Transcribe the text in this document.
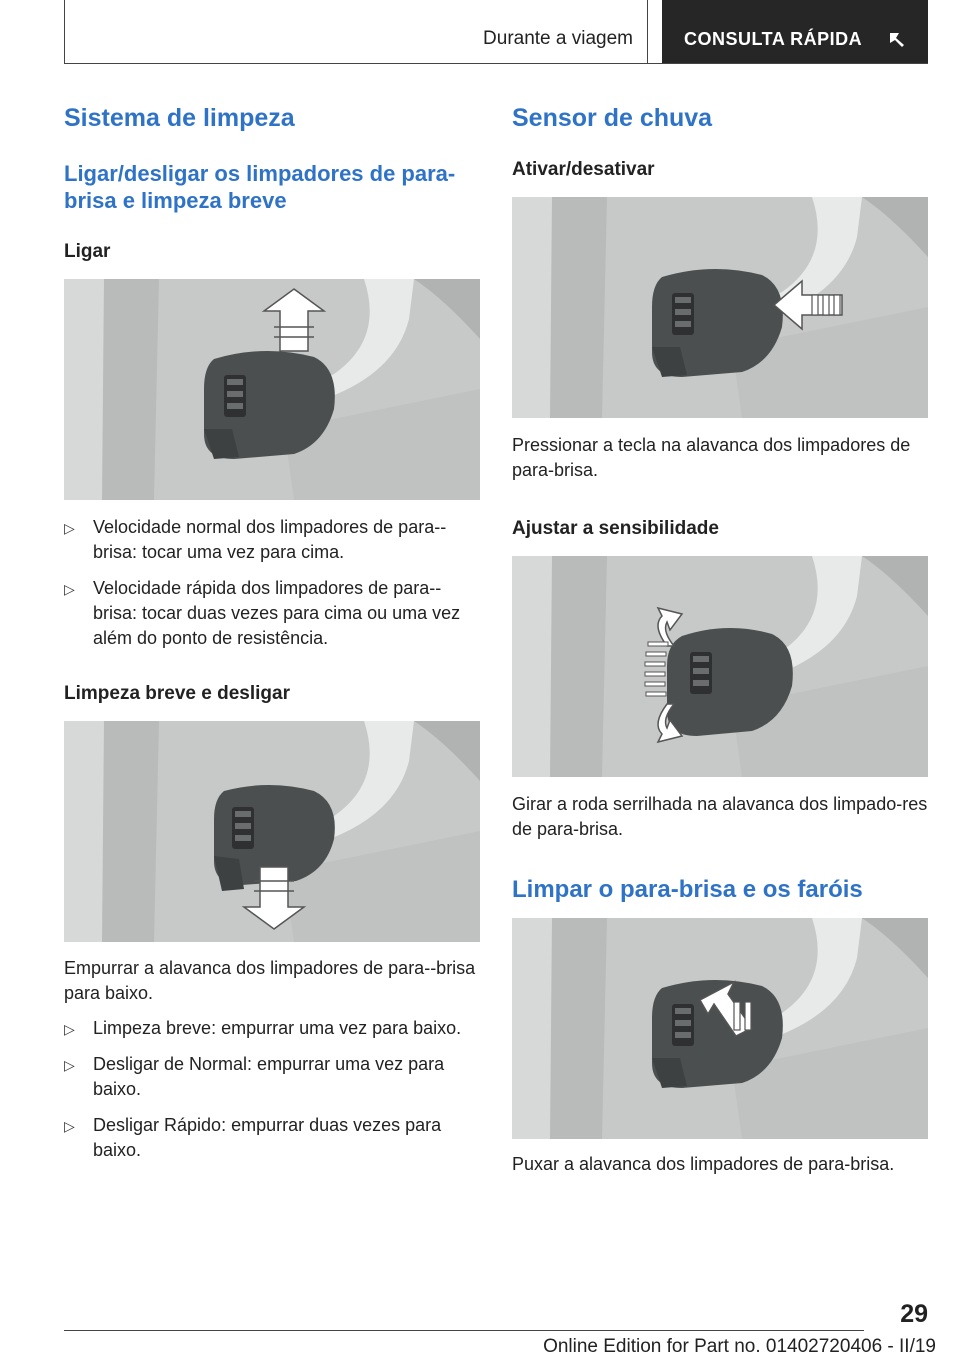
Durante a viagem	CONSULTA RÁPIDA
Sistema de limpeza
Ligar/desligar os limpadores de para-brisa e limpeza breve
Ligar
▷ Velocidade normal dos limpadores de para--brisa: tocar uma vez para cima.
▷ Velocidade rápida dos limpadores de para--brisa: tocar duas vezes para cima ou uma vez além do ponto de resistência.
Limpeza breve e desligar

Empurrar a alavanca dos limpadores de para--brisa para baixo.

▷ Limpeza breve: empurrar uma vez para baixo.
▷ Desligar de Normal: empurrar uma vez para baixo.
▷ Desligar Rápido: empurrar duas vezes para baixo.
Sensor de chuva
Ativar/desativar

Pressionar a tecla na alavanca dos limpadores de para-brisa.

Ajustar a sensibilidade

Girar a roda serrilhada na alavanca dos limpado-res de para-brisa.

Limpar o para-brisa e os faróis

Puxar a alavanca dos limpadores de para-brisa.

29
Online Edition for Part no. 01402720406 - II/19
